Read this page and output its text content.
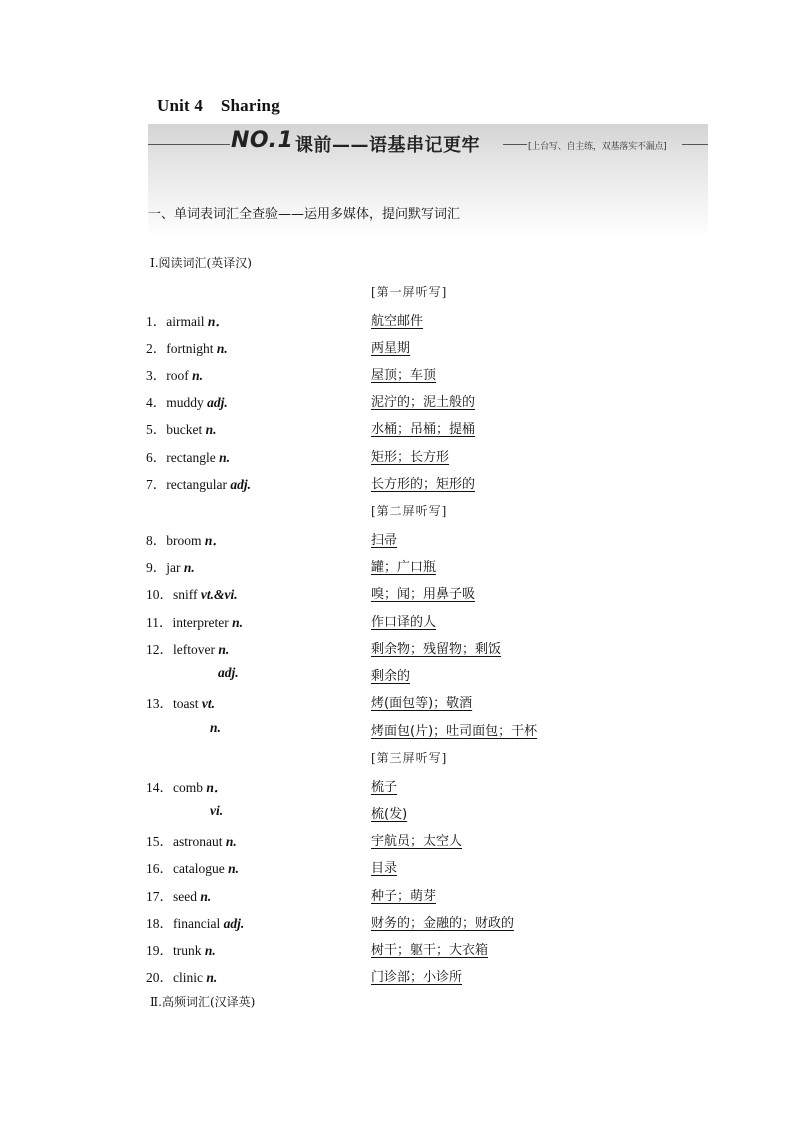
Unit 4    Sharing
NO.1 课前——语基串记更牢	[上台写、自主练，双基落实不漏点]
一、单词表词汇全查验——运用多媒体，提问默写词汇
Ⅰ.阅读词汇(英译汉)
[第一屏听写]
1．airmail n．	航空邮件
2．fortnight n.	两星期
3．roof n.	屋顶；车顶
4．muddy adj.	泥泞的；泥土般的
5．bucket n.	水桶；吊桶；提桶
6．rectangle n.	矩形；长方形
7．rectangular adj.	长方形的；矩形的
8．broom n．	扫帚
9．jar n.	罐；广口瓶
10．sniff vt.&vi.	嗅；闻；用鼻子吸
11．interpreter n.	作口译的人
12．leftover n.	剩余物；残留物；剩饭
adj.	剩余的
13．toast vt.	烤(面包等)；敬酒
n.	烤面包(片)；吐司面包；干杯
14．comb n．	梳子
vi.	梳(发)
15．astronaut n.	宇航员；太空人
16．catalogue n.	目录
17．seed n.	种子；萌芽
18．financial adj.	财务的；金融的；财政的
19．trunk n.	树干；躯干；大衣箱
20．clinic n.	门诊部；小诊所
[第二屏听写]
[第三屏听写]
Ⅱ.高频词汇(汉译英)
